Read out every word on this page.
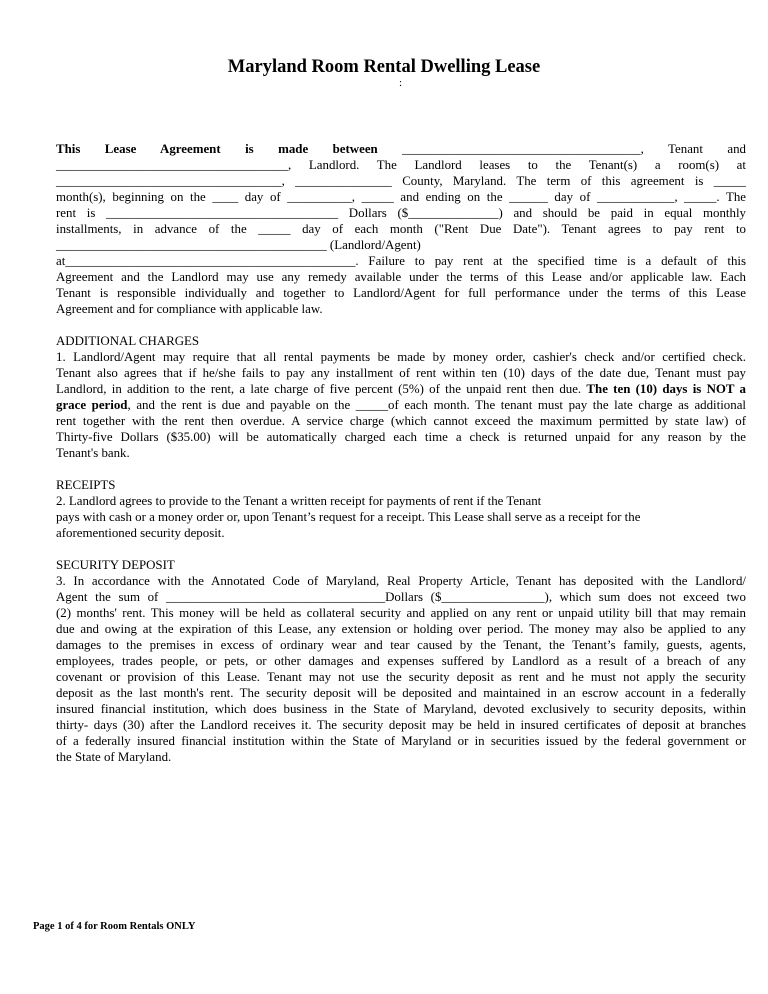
Maryland Room Rental Dwelling Lease
:
This Lease Agreement is made between _____________________________________, Tenant and
____________________________________, Landlord. The Landlord leases to the Tenant(s) a room(s) at
___________________________________, _______________ County, Maryland. The term of this agreement is _____
month(s), beginning on the ____ day of __________, _____ and ending on the ______ day of ____________, _____. The
rent is ____________________________________ Dollars ($______________) and should be paid in equal monthly
installments, in advance of the _____ day of each month ("Rent Due Date"). Tenant agrees to pay rent to
__________________________________________ (Landlord/Agent)
at_____________________________________________. Failure to pay rent at the specified time is a default of this
Agreement and the Landlord may use any remedy available under the terms of this Lease and/or applicable law. Each
Tenant is responsible individually and together to Landlord/Agent for full performance under the terms of this Lease
Agreement and for compliance with applicable law.
ADDITIONAL CHARGES
1. Landlord/Agent may require that all rental payments be made by money order, cashier's check and/or certified check.
Tenant also agrees that if he/she fails to pay any installment of rent within ten (10) days of the date due, Tenant must pay
Landlord, in addition to the rent, a late charge of five percent (5%) of the unpaid rent then due. The ten (10) days is NOT a
grace period, and the rent is due and payable on the _____of each month. The tenant must pay the late charge as additional
rent together with the rent then overdue. A service charge (which cannot exceed the maximum permitted by state law) of
Thirty-five Dollars ($35.00) will be automatically charged each time a check is returned unpaid for any reason by the
Tenant's bank.
RECEIPTS
2. Landlord agrees to provide to the Tenant a written receipt for payments of rent if the Tenant
pays with cash or a money order or, upon Tenant’s request for a receipt. This Lease shall serve as a receipt for the
aforementioned security deposit.
SECURITY DEPOSIT
3. In accordance with the Annotated Code of Maryland, Real Property Article, Tenant has deposited with the Landlord/
Agent the sum of __________________________________Dollars ($________________), which sum does not exceed two
(2) months' rent. This money will be held as collateral security and applied on any rent or unpaid utility bill that may remain
due and owing at the expiration of this Lease, any extension or holding over period. The money may also be applied to any
damages to the premises in excess of ordinary wear and tear caused by the Tenant, the Tenant’s family, guests, agents,
employees, trades people, or pets, or other damages and expenses suffered by Landlord as a result of a breach of any
covenant or provision of this Lease. Tenant may not use the security deposit as rent and he must not apply the security
deposit as the last month's rent. The security deposit will be deposited and maintained in an escrow account in a federally
insured financial institution, which does business in the State of Maryland, devoted exclusively to security deposits, within
thirty- days (30) after the Landlord receives it. The security deposit may be held in insured certificates of deposit at branches
of a federally insured financial institution within the State of Maryland or in securities issued by the federal government or
the State of Maryland.
Page 1 of 4 for Room Rentals ONLY
